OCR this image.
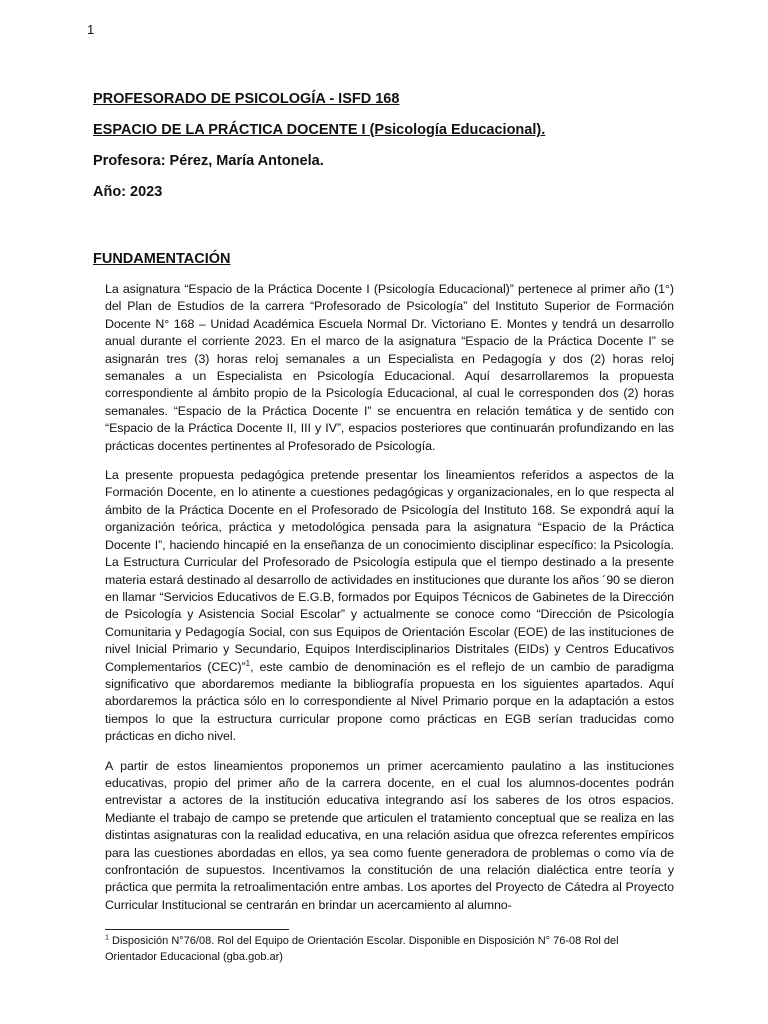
1
PROFESORADO DE PSICOLOGÍA - ISFD 168
ESPACIO DE LA PRÁCTICA DOCENTE I (Psicología Educacional).
Profesora: Pérez, María Antonela.
Año: 2023
FUNDAMENTACIÓN

La asignatura “Espacio de la Práctica Docente I (Psicología Educacional)” pertenece al primer año (1°) del Plan de Estudios de la carrera “Profesorado de Psicología” del Instituto Superior de Formación Docente N° 168 – Unidad Académica Escuela Normal Dr. Victoriano E. Montes y tendrá un desarrollo anual durante el corriente 2023. En el marco de la asignatura “Espacio de la Práctica Docente I” se asignarán tres (3) horas reloj semanales a un Especialista en Pedagogía y dos (2) horas reloj semanales a un Especialista en Psicología Educacional. Aquí desarrollaremos la propuesta correspondiente al ámbito propio de la Psicología Educacional, al cual le corresponden dos (2) horas semanales. “Espacio de la Práctica Docente I” se encuentra en relación temática y de sentido con “Espacio de la Práctica Docente II, III y IV”, espacios posteriores que continuarán profundizando en las prácticas docentes pertinentes al Profesorado de Psicología.

La presente propuesta pedagógica pretende presentar los lineamientos referidos a aspectos de la Formación Docente, en lo atinente a cuestiones pedagógicas y organizacionales, en lo que respecta al ámbito de la Práctica Docente en el Profesorado de Psicología del Instituto 168. Se expondrá aquí la organización teórica, práctica y metodológica pensada para la asignatura “Espacio de la Práctica Docente I”, haciendo hincapié en la enseñanza de un conocimiento disciplinar específico: la Psicología. La Estructura Curricular del Profesorado de Psicología estipula que el tiempo destinado a la presente materia estará destinado al desarrollo de actividades en instituciones que durante los años ´90 se dieron en llamar “Servicios Educativos de E.G.B, formados por Equipos Técnicos de Gabinetes de la Dirección de Psicología y Asistencia Social Escolar” y actualmente se conoce como “Dirección de Psicología Comunitaria y Pedagogía Social, con sus Equipos de Orientación Escolar (EOE) de las instituciones de nivel Inicial Primario y Secundario, Equipos Interdisciplinarios Distritales (EIDs) y Centros Educativos Complementarios (CEC)”$^1$, este cambio de denominación es el reflejo de un cambio de paradigma significativo que abordaremos mediante la bibliografía propuesta en los siguientes apartados. Aquí abordaremos la práctica sólo en lo correspondiente al Nivel Primario porque en la adaptación a estos tiempos lo que la estructura curricular propone como prácticas en EGB serían traducidas como prácticas en dicho nivel.

A partir de estos lineamientos proponemos un primer acercamiento paulatino a las instituciones educativas, propio del primer año de la carrera docente, en el cual los alumnos-docentes podrán entrevistar a actores de la institución educativa integrando así los saberes de los otros espacios. Mediante el trabajo de campo se pretende que articulen el tratamiento conceptual que se realiza en las distintas asignaturas con la realidad educativa, en una relación asidua que ofrezca referentes empíricos para las cuestiones abordadas en ellos, ya sea como fuente generadora de problemas o como vía de confrontación de supuestos. Incentivamos la constitución de una relación dialéctica entre teoría y práctica que permita la retroalimentación entre ambas. Los aportes del Proyecto de Cátedra al Proyecto Curricular Institucional se centrarán en brindar un acercamiento al alumno-

$^1$ Disposición N°76/08. Rol del Equipo de Orientación Escolar. Disponible en Disposición N° 76-08 Rol del Orientador Educacional (gba.gob.ar)
